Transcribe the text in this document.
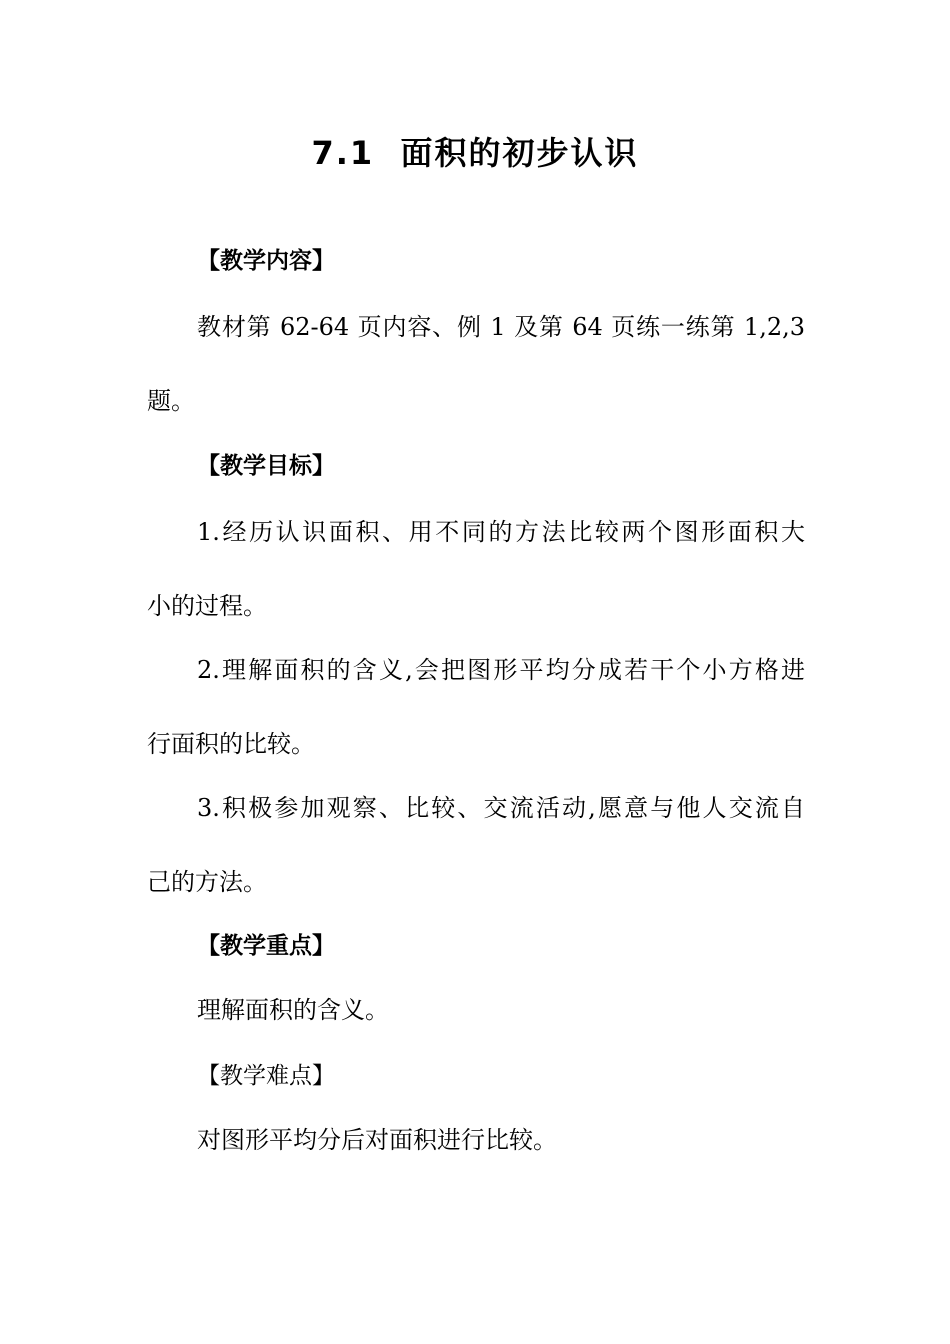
7.1  面积的初步认识
【教学内容】
教材第 62-64 页内容、例 1 及第 64 页练一练第 1,2,3
题。
【教学目标】
1.经历认识面积、用不同的方法比较两个图形面积大
小的过程。
2.理解面积的含义,会把图形平均分成若干个小方格进
行面积的比较。
3.积极参加观察、比较、交流活动,愿意与他人交流自
己的方法。
【教学重点】
理解面积的含义。
【教学难点】
对图形平均分后对面积进行比较。
